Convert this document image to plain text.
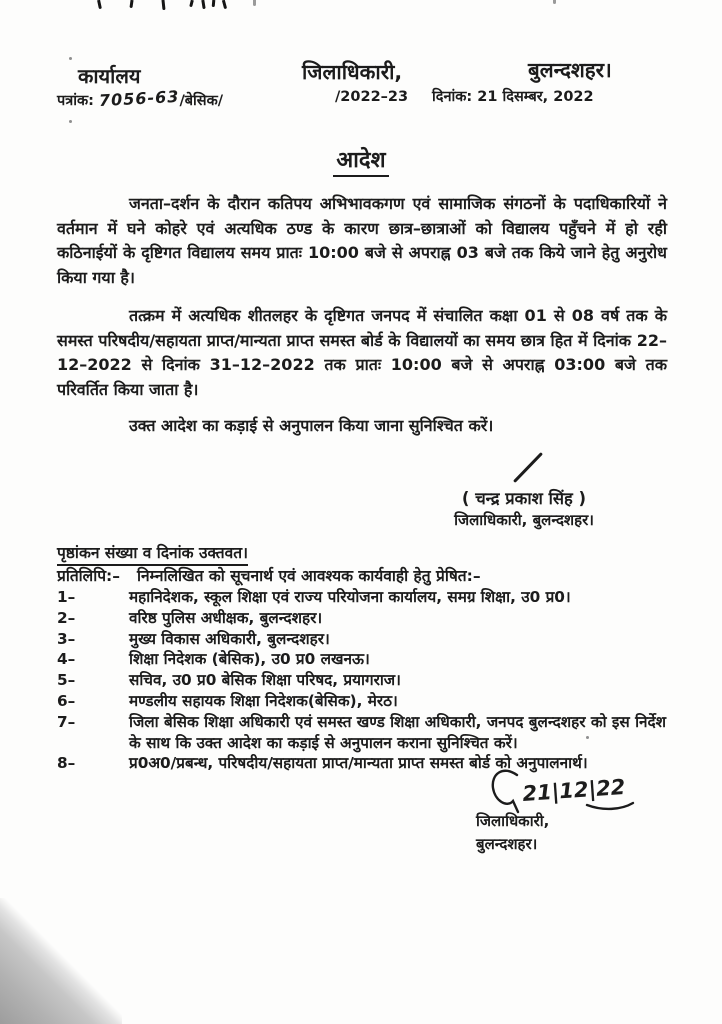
कार्यालय
पत्रांक: 7056-63/बेसिक/
जिलाधिकारी,
/2022–23
बुलन्दशहर।
दिनांक: 21 दिसम्बर, 2022
आदेश
जनता–दर्शन के दौरान कतिपय अभिभावकगण एवं सामाजिक संगठनों के पदाधिकारियों ने वर्तमान में घने कोहरे एवं अत्यधिक ठण्ड के कारण छात्र–छात्राओं को विद्यालय पहुँचने में हो रही कठिनाईयों के दृष्टिगत विद्यालय समय प्रातः 10:00 बजे से अपराह्न 03 बजे तक किये जाने हेतु अनुरोध किया गया है।
तत्क्रम में अत्यधिक शीतलहर के दृष्टिगत जनपद में संचालित कक्षा 01 से 08 वर्ष तक के समस्त परिषदीय/सहायता प्राप्त/मान्यता प्राप्त समस्त बोर्ड के विद्यालयों का समय छात्र हित में दिनांक 22–12–2022 से दिनांक 31–12–2022 तक प्रातः 10:00 बजे से अपराह्न 03:00 बजे तक परिवर्तित किया जाता है।
उक्त आदेश का कड़ाई से अनुपालन किया जाना सुनिश्चित करें।
( चन्द्र प्रकाश सिंह )
जिलाधिकारी, बुलन्दशहर।
पृष्ठांकन संख्या व दिनांक उक्तवत।
प्रतिलिपि:–	निम्नलिखित को सूचनार्थ एवं आवश्यक कार्यवाही हेतु प्रेषित:–
1–	महानिदेशक, स्कूल शिक्षा एवं राज्य परियोजना कार्यालय, समग्र शिक्षा, उ0 प्र0।
2–	वरिष्ठ पुलिस अधीक्षक, बुलन्दशहर।
3–	मुख्य विकास अधिकारी, बुलन्दशहर।
4–	शिक्षा निदेशक (बेसिक), उ0 प्र0 लखनऊ।
5–	सचिव, उ0 प्र0 बेसिक शिक्षा परिषद, प्रयागराज।
6–	मण्डलीय सहायक शिक्षा निदेशक(बेसिक), मेरठ।
7–	जिला बेसिक शिक्षा अधिकारी एवं समस्त खण्ड शिक्षा अधिकारी, जनपद बुलन्दशहर को इस निर्देश के साथ कि उक्त आदेश का कड़ाई से अनुपालन कराना सुनिश्चित करें।
8–	प्र0अ0/प्रबन्ध, परिषदीय/सहायता प्राप्त/मान्यता प्राप्त समस्त बोर्ड को अनुपालनार्थ।
21|12|22
जिलाधिकारी,
बुलन्दशहर।
